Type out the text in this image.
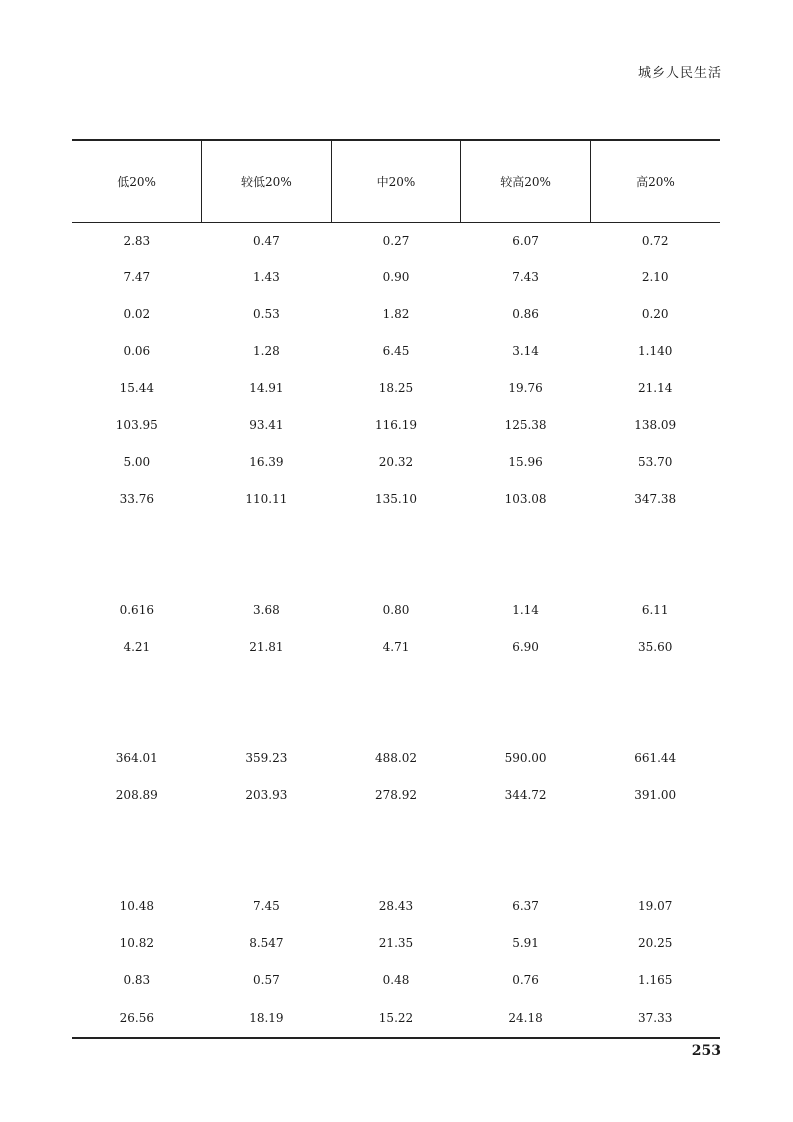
城乡人民生活
低20%	较低20%	中20%	较高20%	高20%
2.83	0.47	0.27	6.07	0.72
7.47	1.43	0.90	7.43	2.10
0.02	0.53	1.82	0.86	0.20
0.06	1.28	6.45	3.14	1.140
15.44	14.91	18.25	19.76	21.14
103.95	93.41	116.19	125.38	138.09
5.00	16.39	20.32	15.96	53.70
33.76	110.11	135.10	103.08	347.38

0.616	3.68	0.80	1.14	6.11
4.21	21.81	4.71	6.90	35.60

364.01	359.23	488.02	590.00	661.44
208.89	203.93	278.92	344.72	391.00

10.48	7.45	28.43	6.37	19.07
10.82	8.547	21.35	5.91	20.25
0.83	0.57	0.48	0.76	1.165
26.56	18.19	15.22	24.18	37.33
253
